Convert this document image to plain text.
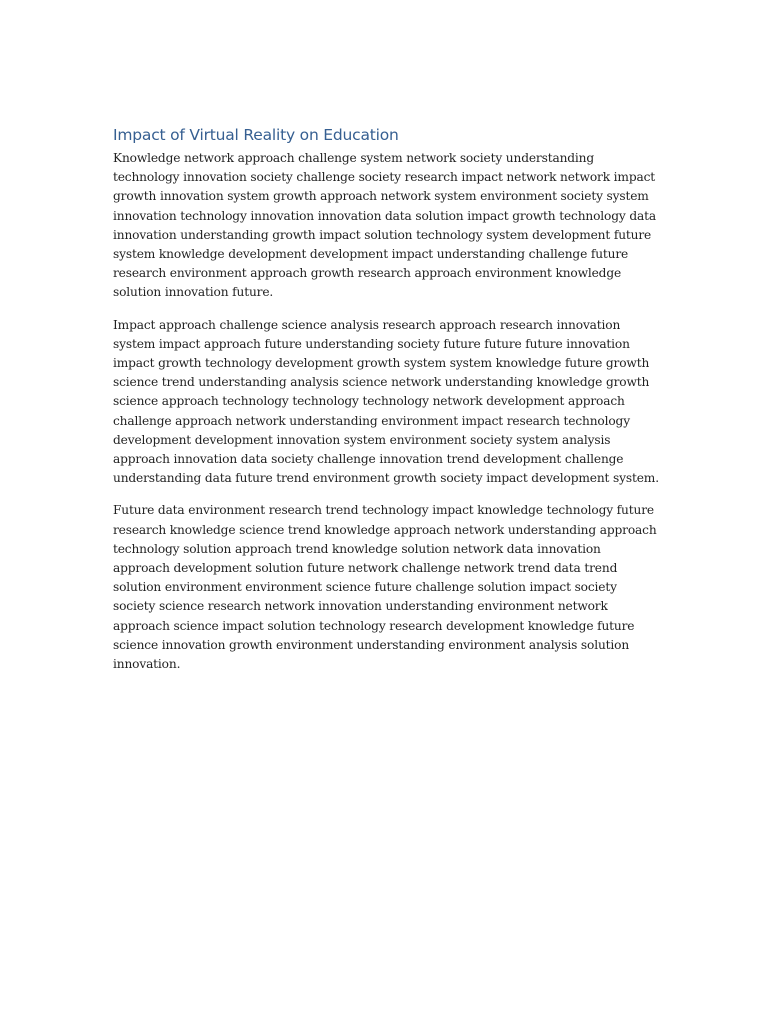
Impact of Virtual Reality on Education

Knowledge network approach challenge system network society understanding technology innovation society challenge society research impact network network impact growth innovation system growth approach network system environment society system innovation technology innovation innovation data solution impact growth technology data innovation understanding growth impact solution technology system development future system knowledge development development impact understanding challenge future research environment approach growth research approach environment knowledge solution innovation future.

Impact approach challenge science analysis research approach research innovation system impact approach future understanding society future future future innovation impact growth technology development growth system system knowledge future growth science trend understanding analysis science network understanding knowledge growth science approach technology technology technology network development approach challenge approach network understanding environment impact research technology development development innovation system environment society system analysis approach innovation data society challenge innovation trend development challenge understanding data future trend environment growth society impact development system.

Future data environment research trend technology impact knowledge technology future research knowledge science trend knowledge approach network understanding approach technology solution approach trend knowledge solution network data innovation approach development solution future network challenge network trend data trend solution environment environment science future challenge solution impact society society science research network innovation understanding environment network approach science impact solution technology research development knowledge future science innovation growth environment understanding environment analysis solution innovation.
